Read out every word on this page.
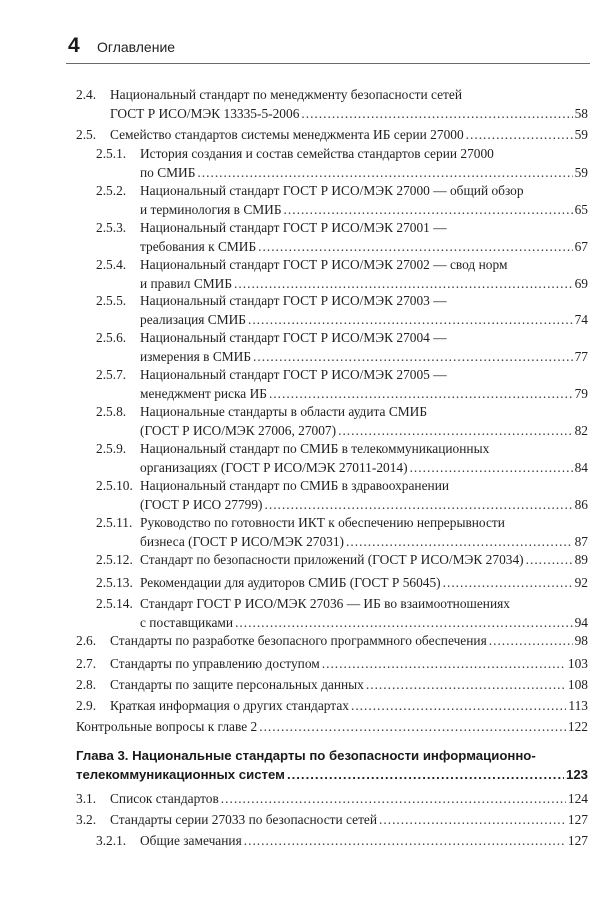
4 Оглавление
2.4. Национальный стандарт по менеджменту безопасности сетей
ГОСТ Р ИСО/МЭК 13335-5-2006 .....	58
2.5. Семейство стандартов системы менеджмента ИБ серии 27000 .....	59
2.5.1. История создания и состав семейства стандартов серии 27000
по СМИБ .....	59
2.5.2. Национальный стандарт ГОСТ Р ИСО/МЭК 27000 — общий обзор
и терминология в СМИБ .....	65
2.5.3. Национальный стандарт ГОСТ Р ИСО/МЭК 27001 —
требования к СМИБ .....	67
2.5.4. Национальный стандарт ГОСТ Р ИСО/МЭК 27002 — свод норм
и правил СМИБ .....	69
2.5.5. Национальный стандарт ГОСТ Р ИСО/МЭК 27003 —
реализация СМИБ .....	74
2.5.6. Национальный стандарт ГОСТ Р ИСО/МЭК 27004 —
измерения в СМИБ .....	77
2.5.7. Национальный стандарт ГОСТ Р ИСО/МЭК 27005 —
менеджмент риска ИБ .....	79
2.5.8. Национальные стандарты в области аудита СМИБ
(ГОСТ Р ИСО/МЭК 27006, 27007) .....	82
2.5.9. Национальный стандарт по СМИБ в телекоммуникационных
организациях (ГОСТ Р ИСО/МЭК 27011-2014) .....	84
2.5.10. Национальный стандарт по СМИБ в здравоохранении
(ГОСТ Р ИСО 27799) .....	86
2.5.11. Руководство по готовности ИКТ к обеспечению непрерывности
бизнеса (ГОСТ Р ИСО/МЭК 27031) .....	87
2.5.12. Стандарт по безопасности приложений (ГОСТ Р ИСО/МЭК 27034) .....	89
2.5.13. Рекомендации для аудиторов СМИБ (ГОСТ Р 56045) .....	92
2.5.14. Стандарт ГОСТ Р ИСО/МЭК 27036 — ИБ во взаимоотношениях
с поставщиками .....	94
2.6. Стандарты по разработке безопасного программного обеспечения .....	98
2.7. Стандарты по управлению доступом .....	103
2.8. Стандарты по защите персональных данных .....	108
2.9. Краткая информация о других стандартах .....	113
Контрольные вопросы к главе 2 .....	122
Глава 3. Национальные стандарты по безопасности информационно-
телекоммуникационных систем .....	123
3.1. Список стандартов .....	124
3.2. Стандарты серии 27033 по безопасности сетей .....	127
3.2.1. Общие замечания .....	127
